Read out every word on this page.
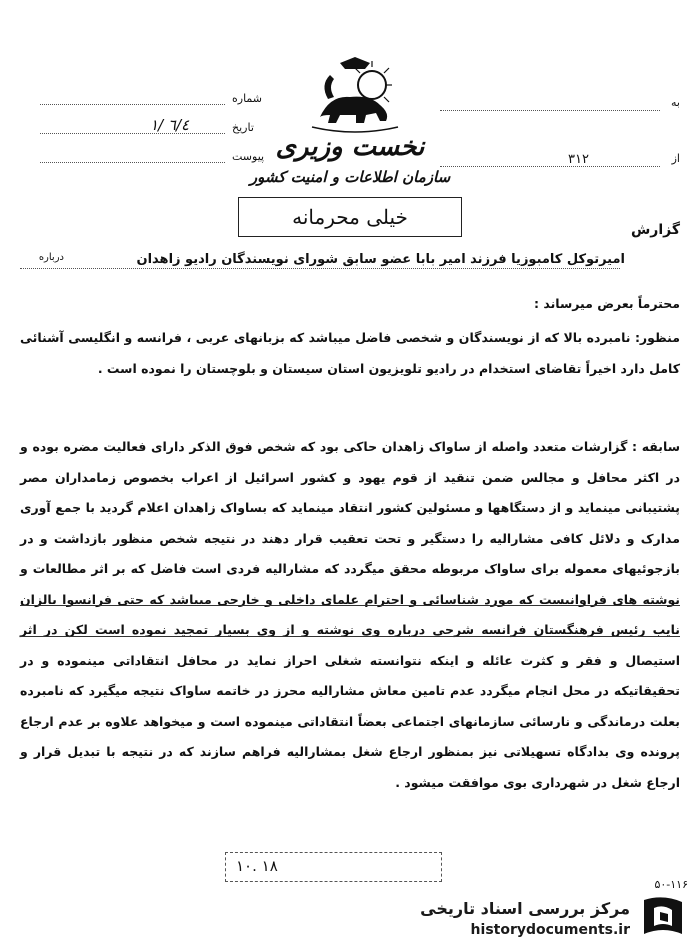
به
از
۳۱۲
شماره
تاریخ
۱/ ٦/٤
پیوست نخست وزیری
سازمان اطلاعات و امنیت کشور
خیلی محرمانه
گزارش
درباره	امیرتوکل کامبوزیا فرزند امیر بابا عضو سابق شورای نویسندگان رادیو زاهدان
محترماً بعرض میرساند :
منظور: نامبرده بالا که از نویسندگان و شخصی فاضل میباشد که بزبانهای عربی ، فرانسه و انگلیسی آشنائی کامل دارد اخیراً تقاضای استخدام در رادیو تلویزیون استان سیستان و بلوچستان را نموده است .
سابقه : گزارشات متعدد واصله از ساواک زاهدان حاکی بود که شخص فوق الذکر دارای فعالیت مضره بوده و در اکثر محافل و مجالس ضمن تنقید از قوم یهود و کشور اسرائیل از اعراب بخصوص زمامداران مصر پشتیبانی مینماید و از دستگاهها و مسئولین کشور انتقاد مینماید که بساواک زاهدان اعلام گردید با جمع آوری مدارک و دلائل کافی مشارالیه را دستگیر و تحت تعقیب قرار دهند در نتیجه شخص منظور بازداشت و در بازجوئیهای معموله برای ساواک مربوطه محقق میگردد که مشارالیه فردی است فاضل که بر اثر مطالعات و نوشته های فراوانیست که مورد شناسائی و احترام علمای داخلی و خارجی میباشد که حتی فرانسوا بالزان نایب رئیس فرهنگستان فرانسه شرحی درباره وی نوشته و از وی بسیار تمجید نموده است لکن در اثر استیصال و فقر و کثرت عائله و اینکه نتوانسته شغلی احراز نماید در محافل انتقاداتی مینموده و در تحقیقاتیکه در محل انجام میگردد عدم تامین معاش مشارالیه محرز در خاتمه ساواک نتیجه میگیرد که نامبرده بعلت درماندگی و نارسائی سازمانهای اجتماعی بعضاً انتقاداتی مینموده است و میخواهد علاوه بر عدم ارجاع پرونده وی بدادگاه تسهیلاتی نیز بمنظور ارجاع شغل بمشارالیه فراهم سازند که در نتیجه با تبدیل قرار و ارجاع شغل در شهرداری بوی موافقت میشود .
۱۰. ۱۸
۵۰-۱۱۶
مرکز بررسی اسناد تاریخی
historydocuments.ir
